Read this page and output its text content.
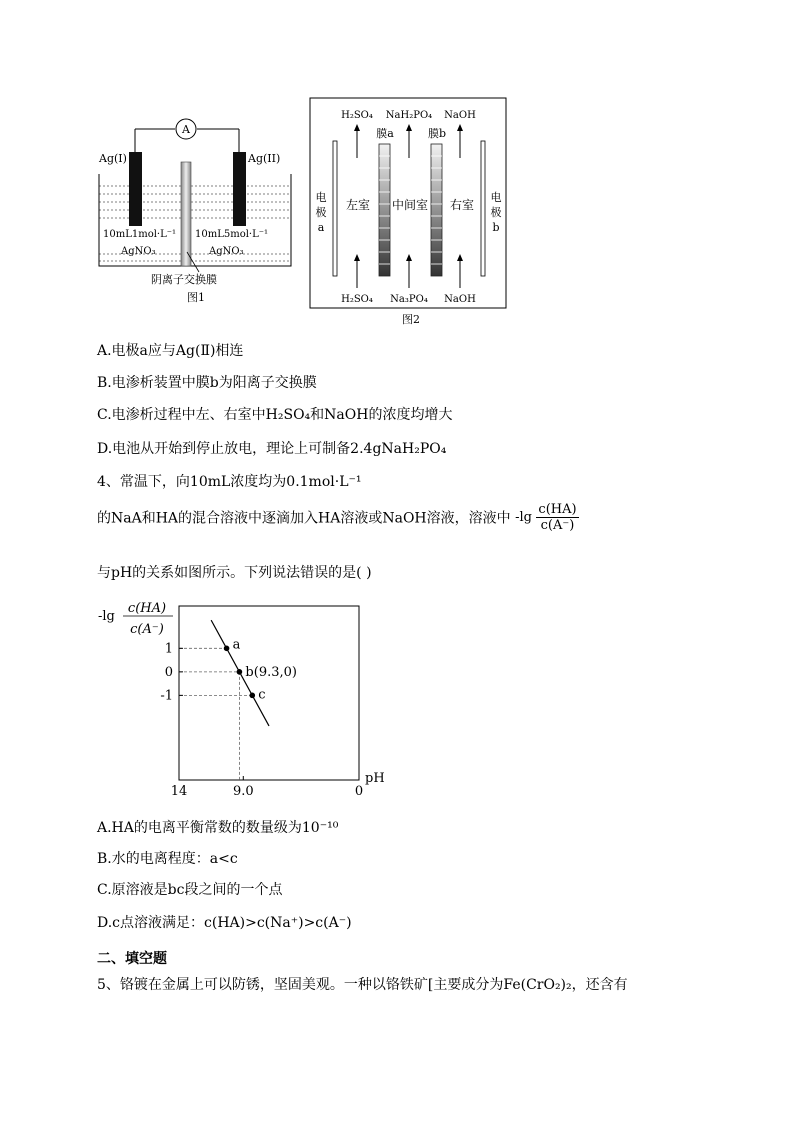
A
Ag(I)	Ag(II)
10mL1mol·L⁻¹
AgNO₃
10mL5mol·L⁻¹
AgNO₃
阴离子交换膜
图1
H₂SO₄ NaH₂PO₄ NaOH
膜a	膜b
电
极
a
电
极
b
左室 中间室 右室
H₂SO₄ Na₃PO₄ NaOH
图2
A.电极a应与Ag(Ⅱ)相连
B.电渗析装置中膜b为阳离子交换膜
C.电渗析过程中左、右室中H₂SO₄和NaOH的浓度均增大
D.电池从开始到停止放电，理论上可制备2.4gNaH₂PO₄
4、常温下，向10mL浓度均为0.1mol·L⁻¹
的NaA和HA的混合溶液中逐滴加入HA溶液或NaOH溶液，溶液中 $-\lg \frac{c(HA)}{c(A^-)}$
与pH的关系如图所示。下列说法错误的是( )
-lg
c(HA)
c(A⁻)
a
b(9.3,0)
c
1
0
-1
14	9.0	0
pH
A.HA的电离平衡常数的数量级为10⁻¹⁰
B.水的电离程度：a<c
C.原溶液是bc段之间的一个点
D.c点溶液满足：c(HA)>c(Na⁺)>c(A⁻)
二、填空题
5、铬镀在金属上可以防锈，坚固美观。一种以铬铁矿[主要成分为Fe(CrO₂)₂，还含有
